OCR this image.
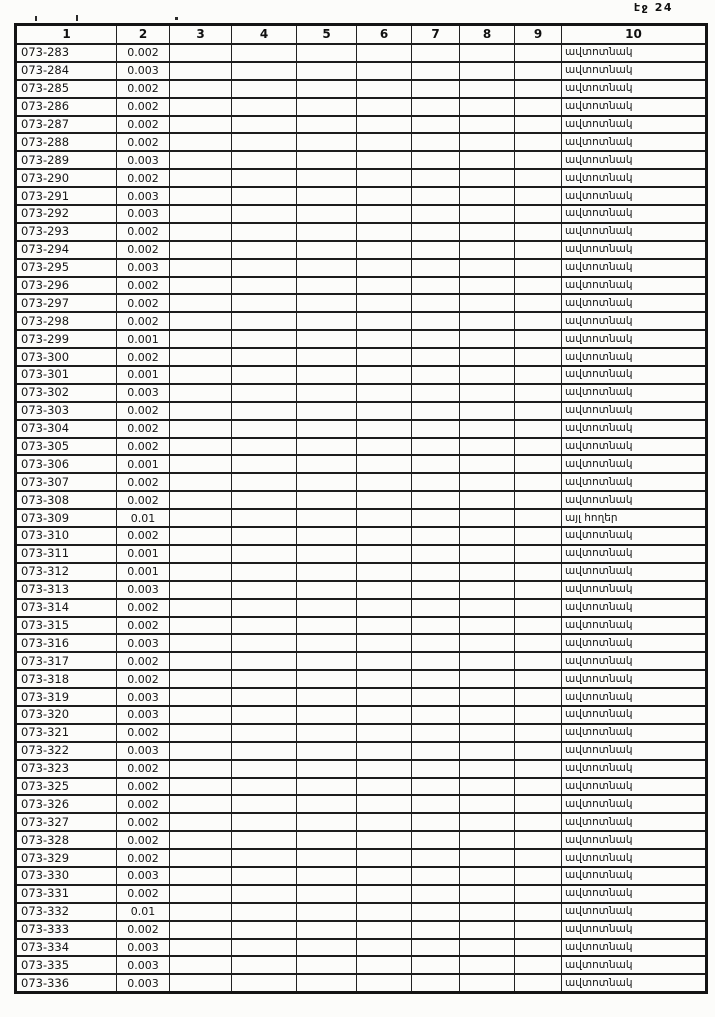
էջ 24
1	2	3	4	5	6	7	8	9	10
073-283	0.002								ավտոտնակ
073-284	0.003								ավտոտնակ
073-285	0.002								ավտոտնակ
073-286	0.002								ավտոտնակ
073-287	0.002								ավտոտնակ
073-288	0.002								ավտոտնակ
073-289	0.003								ավտոտնակ
073-290	0.002								ավտոտնակ
073-291	0.003								ավտոտնակ
073-292	0.003								ավտոտնակ
073-293	0.002								ավտոտնակ
073-294	0.002								ավտոտնակ
073-295	0.003								ավտոտնակ
073-296	0.002								ավտոտնակ
073-297	0.002								ավտոտնակ
073-298	0.002								ավտոտնակ
073-299	0.001								ավտոտնակ
073-300	0.002								ավտոտնակ
073-301	0.001								ավտոտնակ
073-302	0.003								ավտոտնակ
073-303	0.002								ավտոտնակ
073-304	0.002								ավտոտնակ
073-305	0.002								ավտոտնակ
073-306	0.001								ավտոտնակ
073-307	0.002								ավտոտնակ
073-308	0.002								ավտոտնակ
073-309	0.01								այլ հողեր
073-310	0.002								ավտոտնակ
073-311	0.001								ավտոտնակ
073-312	0.001								ավտոտնակ
073-313	0.003								ավտոտնակ
073-314	0.002								ավտոտնակ
073-315	0.002								ավտոտնակ
073-316	0.003								ավտոտնակ
073-317	0.002								ավտոտնակ
073-318	0.002								ավտոտնակ
073-319	0.003								ավտոտնակ
073-320	0.003								ավտոտնակ
073-321	0.002								ավտոտնակ
073-322	0.003								ավտոտնակ
073-323	0.002								ավտոտնակ
073-325	0.002								ավտոտնակ
073-326	0.002								ավտոտնակ
073-327	0.002								ավտոտնակ
073-328	0.002								ավտոտնակ
073-329	0.002								ավտոտնակ
073-330	0.003								ավտոտնակ
073-331	0.002								ավտոտնակ
073-332	0.01								ավտոտնակ
073-333	0.002								ավտոտնակ
073-334	0.003								ավտոտնակ
073-335	0.003								ավտոտնակ
073-336	0.003								ավտոտնակ
